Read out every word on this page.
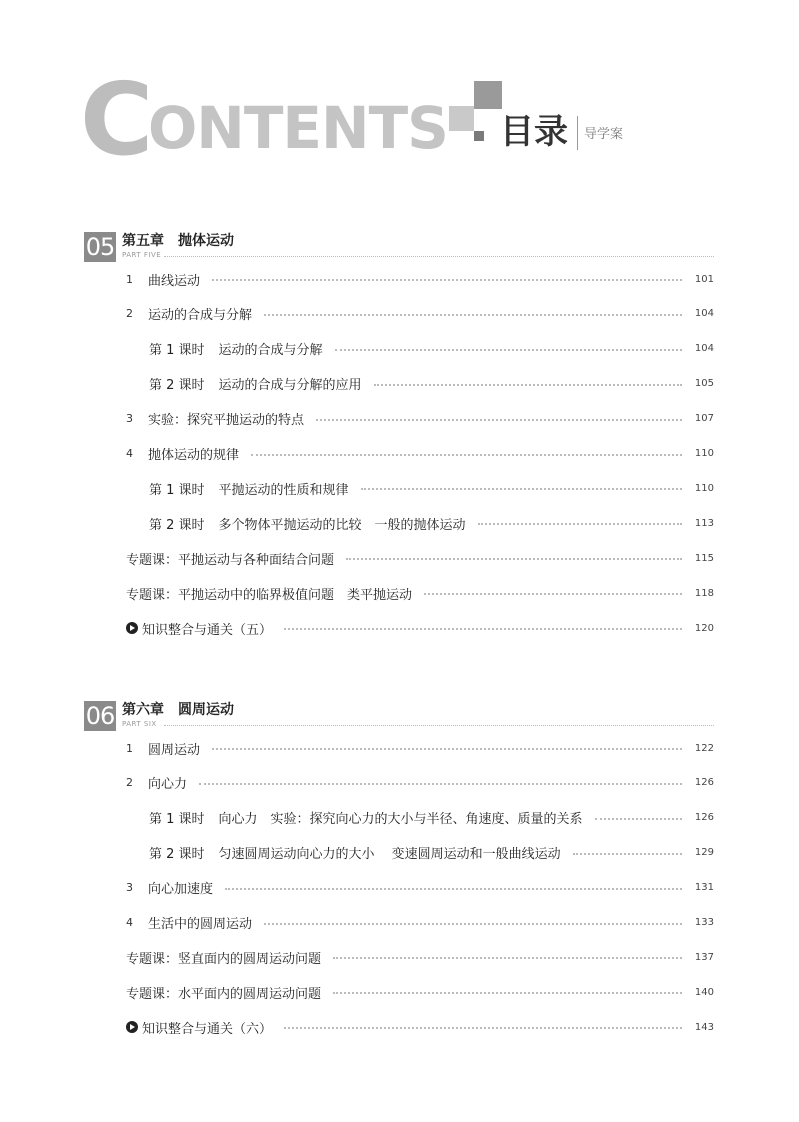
C
ONTENTS 目录 导学案
05 第五章　抛体运动
PART FIVE
1	曲线运动	101
2	运动的合成与分解	104
第 1 课时 运动的合成与分解	104
第 2 课时 运动的合成与分解的应用	105
3	实验：探究平抛运动的特点	107
4	抛体运动的规律	110
第 1 课时 平抛运动的性质和规律	110
第 2 课时 多个物体平抛运动的比较　一般的抛体运动	113
专题课：平抛运动与各种面结合问题	115
专题课：平抛运动中的临界极值问题　类平抛运动	118
知识整合与通关（五）	120
06 第六章　圆周运动
PART SIX
1	圆周运动	122
2	向心力	126
第 1 课时 向心力　实验：探究向心力的大小与半径、角速度、质量的关系	126
第 2 课时 匀速圆周运动向心力的大小　 变速圆周运动和一般曲线运动	129
3	向心加速度	131
4	生活中的圆周运动	133
专题课：竖直面内的圆周运动问题	137
专题课：水平面内的圆周运动问题	140
知识整合与通关（六）	143
